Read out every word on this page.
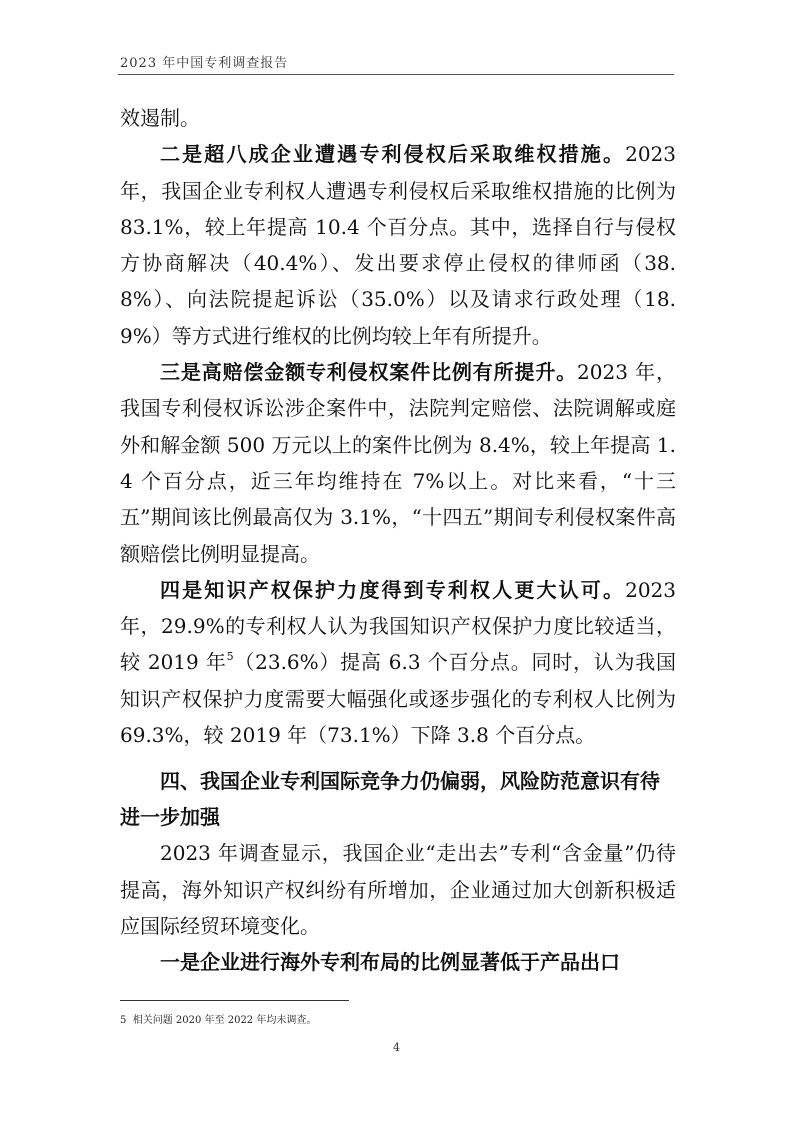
2023 年中国专利调查报告

效遏制。

二是超八成企业遭遇专利侵权后采取维权措施。2023 年，我国企业专利权人遭遇专利侵权后采取维权措施的比例为 83.1%，较上年提高 10.4 个百分点。其中，选择自行与侵权方协商解决（40.4%）、发出要求停止侵权的律师函（38.8%）、向法院提起诉讼（35.0%）以及请求行政处理（18.9%）等方式进行维权的比例均较上年有所提升。

三是高赔偿金额专利侵权案件比例有所提升。2023 年，我国专利侵权诉讼涉企案件中，法院判定赔偿、法院调解或庭外和解金额 500 万元以上的案件比例为 8.4%，较上年提高 1.4 个百分点，近三年均维持在 7%以上。对比来看，“十三五”期间该比例最高仅为 3.1%，“十四五”期间专利侵权案件高额赔偿比例明显提高。

四是知识产权保护力度得到专利权人更大认可。2023 年，29.9%的专利权人认为我国知识产权保护力度比较适当，较 2019 年$^5$（23.6%）提高 6.3 个百分点。同时，认为我国知识产权保护力度需要大幅强化或逐步强化的专利权人比例为 69.3%，较 2019 年（73.1%）下降 3.8 个百分点。

四、我国企业专利国际竞争力仍偏弱，风险防范意识有待进一步加强

2023 年调查显示，我国企业“走出去”专利“含金量”仍待提高，海外知识产权纠纷有所增加，企业通过加大创新积极适应国际经贸环境变化。

一是企业进行海外专利布局的比例显著低于产品出口

5 相关问题 2020 年至 2022 年均未调查。
4
